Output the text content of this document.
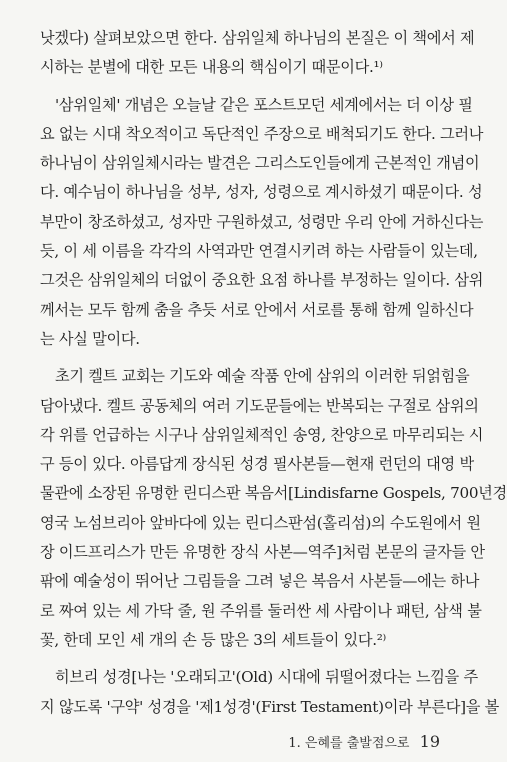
낫겠다) 살펴보았으면 한다. 삼위일체 하나님의 본질은 이 책에서 제
시하는 분별에 대한 모든 내용의 핵심이기 때문이다.¹⁾
'삼위일체' 개념은 오늘날 같은 포스트모던 세계에서는 더 이상 필
요 없는 시대 착오적이고 독단적인 주장으로 배척되기도 한다. 그러나
하나님이 삼위일체시라는 발견은 그리스도인들에게 근본적인 개념이
다. 예수님이 하나님을 성부, 성자, 성령으로 계시하셨기 때문이다. 성
부만이 창조하셨고, 성자만 구원하셨고, 성령만 우리 안에 거하신다는
듯, 이 세 이름을 각각의 사역과만 연결시키려 하는 사람들이 있는데,
그것은 삼위일체의 더없이 중요한 요점 하나를 부정하는 일이다. 삼위
께서는 모두 함께 춤을 추듯 서로 안에서 서로를 통해 함께 일하신다
는 사실 말이다.
초기 켈트 교회는 기도와 예술 작품 안에 삼위의 이러한 뒤얽힘을
담아냈다. 켈트 공동체의 여러 기도문들에는 반복되는 구절로 삼위의
각 위를 언급하는 시구나 삼위일체적인 송영, 찬양으로 마무리되는 시
구 등이 있다. 아름답게 장식된 성경 필사본들—현재 런던의 대영 박
물관에 소장된 유명한 린디스판 복음서[Lindisfarne Gospels, 700년경
영국 노섬브리아 앞바다에 있는 린디스판섬(홀리섬)의 수도원에서 원
장 이드프리스가 만든 유명한 장식 사본—역주]처럼 본문의 글자들 안
팎에 예술성이 뛰어난 그림들을 그려 넣은 복음서 사본들—에는 하나
로 짜여 있는 세 가닥 줄, 원 주위를 둘러싼 세 사람이나 패턴, 삼색 불
꽃, 한데 모인 세 개의 손 등 많은 3의 세트들이 있다.²⁾
히브리 성경[나는 '오래되고'(Old) 시대에 뒤떨어졌다는 느낌을 주
지 않도록 '구약' 성경을 '제1성경'(First Testament)이라 부른다]을 볼
1. 은혜를 출발점으로 19
